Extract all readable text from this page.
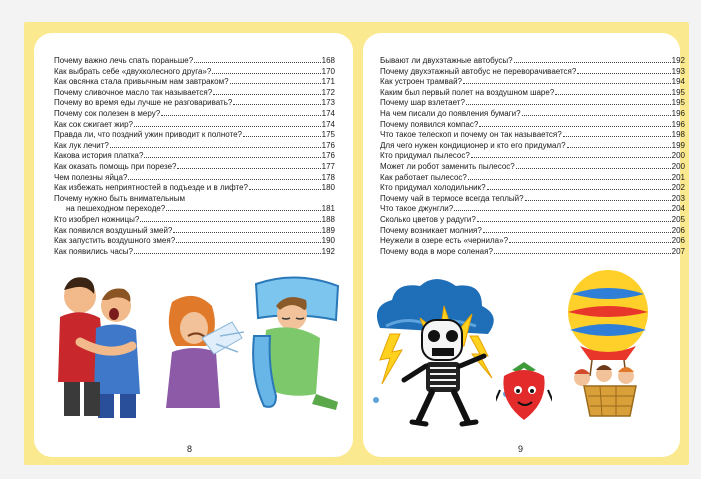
Почему важно лечь спать пораньше?	168
Как выбрать себе «двухколесного друга»?	170
Как овсянка стала привычным нам завтраком?	171
Почему сливочное масло так называется?	172
Почему во время еды лучше не разговаривать?	173
Почему сок полезен в меру?	174
Как сок сжигает жир?	174
Правда ли, что поздний ужин приводит к полноте?	175
Как лук лечит?	176
Какова история платка?	176
Как оказать помощь при порезе?	177
Чем полезны яйца?	178
Как избежать неприятностей в подъезде и в лифте?	180
Почему нужно быть внимательным
на пешеходном переходе?	181
Кто изобрел ножницы?	188
Как появился воздушный змей?	189
Как запустить воздушного змея?	190
Как появились часы?	192
Бывают ли двухэтажные автобусы?	192
Почему двухэтажный автобус не переворачивается?	193
Как устроен трамвай?	194
Каким был первый полет на воздушном шаре?	195
Почему шар взлетает?	195
На чем писали до появления бумаги?	196
Почему появился компас?	196
Что такое телескоп и почему он так называется?	198
Для чего нужен кондиционер и кто его придумал?	199
Кто придумал пылесос?	200
Может ли робот заменить пылесос?	200
Как работает пылесос?	201
Кто придумал холодильник?	202
Почему чай в термосе всегда теплый?	203
Что такое джунгли?	204
Сколько цветов у радуги?	205
Почему возникает молния?	206
Неужели в озере есть «чернила»?	206
Почему вода в море соленая?	207
8	9
